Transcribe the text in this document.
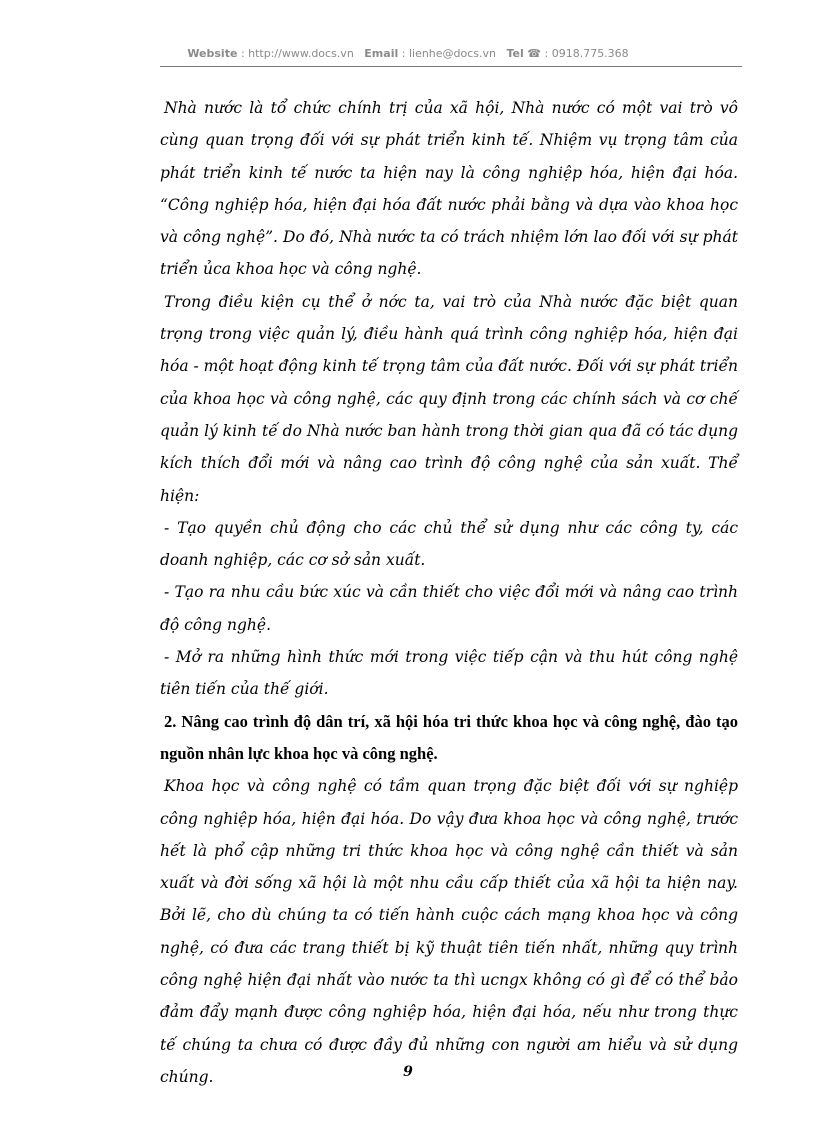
Website : http://www.docs.vn Email : lienhe@docs.vn Tel ☎ : 0918.775.368

Nhà nước là tổ chức chính trị của xã hội, Nhà nước có một vai trò vô cùng quan trọng đối với sự phát triển kinh tế. Nhiệm vụ trọng tâm của phát triển kinh tế nước ta hiện nay là công nghiệp hóa, hiện đại hóa. “Công nghiệp hóa, hiện đại hóa đất nước phải bằng và dựa vào khoa học và công nghệ”. Do đó, Nhà nước ta có trách nhiệm lớn lao đối với sự phát triển ủca khoa học và công nghệ.

Trong điều kiện cụ thể ở nớc ta, vai trò của Nhà nước đặc biệt quan trọng trong việc quản lý, điều hành quá trình công nghiệp hóa, hiện đại hóa - một hoạt động kinh tế trọng tâm của đất nước. Đối với sự phát triển của khoa học và công nghệ, các quy định trong các chính sách và cơ chế quản lý kinh tế do Nhà nước ban hành trong thời gian qua đã có tác dụng kích thích đổi mới và nâng cao trình độ công nghệ của sản xuất. Thể hiện:

- Tạo quyền chủ động cho các chủ thể sử dụng như các công ty, các doanh nghiệp, các cơ sở sản xuất.

- Tạo ra nhu cầu bức xúc và cần thiết cho việc đổi mới và nâng cao trình độ công nghệ.

- Mở ra những hình thức mới trong việc tiếp cận và thu hút công nghệ tiên tiến của thế giới.

2. Nâng cao trình độ dân trí, xã hội hóa tri thức khoa học và công nghệ, đào tạo nguồn nhân lực khoa học và công nghệ.

Khoa học và công nghệ có tầm quan trọng đặc biệt đối với sự nghiệp công nghiệp hóa, hiện đại hóa. Do vậy đưa khoa học và công nghệ, trước hết là phổ cập những tri thức khoa học và công nghệ cần thiết và sản xuất và đời sống xã hội là một nhu cầu cấp thiết của xã hội ta hiện nay. Bởi lẽ, cho dù chúng ta có tiến hành cuộc cách mạng khoa học và công nghệ, có đưa các trang thiết bị kỹ thuật tiên tiến nhất, những quy trình công nghệ hiện đại nhất vào nước ta thì ucngx không có gì để có thể bảo đảm đẩy mạnh được công nghiệp hóa, hiện đại hóa, nếu như trong thực tế chúng ta chưa có được đầy đủ những con người am hiểu và sử dụng chúng.	9
